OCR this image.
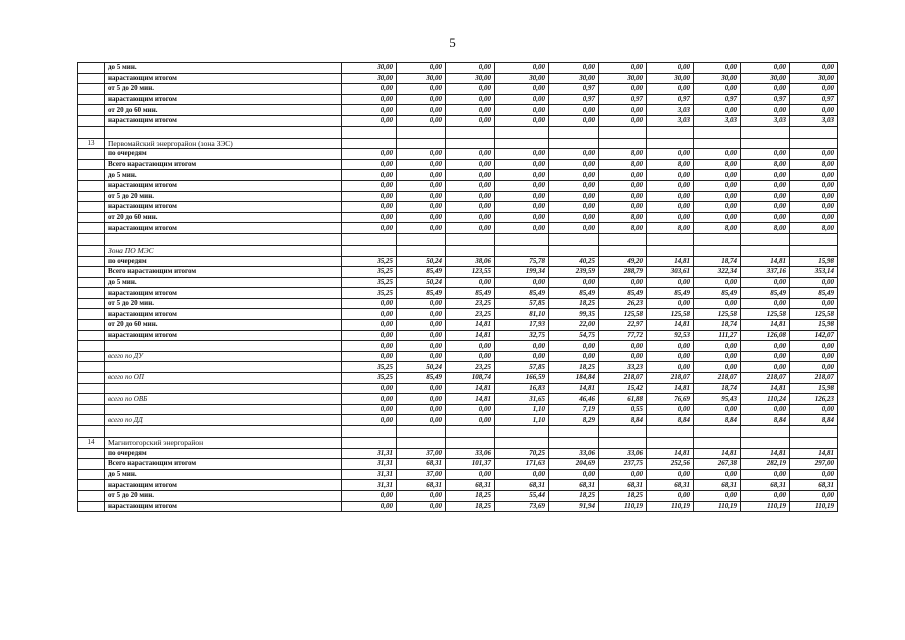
5
	до 5 мин.	30,00	0,00	0,00	0,00	0,00	0,00	0,00	0,00	0,00	0,00
	нарастающим итогом	30,00	30,00	30,00	30,00	30,00	30,00	30,00	30,00	30,00	30,00
	от 5 до 20 мин.	0,00	0,00	0,00	0,00	0,97	0,00	0,00	0,00	0,00	0,00
	нарастающим итогом	0,00	0,00	0,00	0,00	0,97	0,97	0,97	0,97	0,97	0,97
	от 20 до 60 мин.	0,00	0,00	0,00	0,00	0,00	0,00	3,03	0,00	0,00	0,00
	нарастающим итогом	0,00	0,00	0,00	0,00	0,00	0,00	3,03	3,03	3,03	3,03

13	Первомайский энергорайон (зона ЗЭС)										
	по очередям	0,00	0,00	0,00	0,00	0,00	8,00	0,00	0,00	0,00	0,00
	Всего нарастающим итогом	0,00	0,00	0,00	0,00	0,00	8,00	8,00	8,00	8,00	8,00
	до 5 мин.	0,00	0,00	0,00	0,00	0,00	0,00	0,00	0,00	0,00	0,00
	нарастающим итогом	0,00	0,00	0,00	0,00	0,00	0,00	0,00	0,00	0,00	0,00
	от 5 до 20 мин.	0,00	0,00	0,00	0,00	0,00	0,00	0,00	0,00	0,00	0,00
	нарастающим итогом	0,00	0,00	0,00	0,00	0,00	0,00	0,00	0,00	0,00	0,00
	от 20 до 60 мин.	0,00	0,00	0,00	0,00	0,00	8,00	0,00	0,00	0,00	0,00
	нарастающим итогом	0,00	0,00	0,00	0,00	0,00	8,00	8,00	8,00	8,00	8,00

	Зона ПО МЭС										
	по очередям	35,25	50,24	38,06	75,78	40,25	49,20	14,81	18,74	14,81	15,98
	Всего нарастающим итогом	35,25	85,49	123,55	199,34	239,59	288,79	303,61	322,34	337,16	353,14
	до 5 мин.	35,25	50,24	0,00	0,00	0,00	0,00	0,00	0,00	0,00	0,00
	нарастающим итогом	35,25	85,49	85,49	85,49	85,49	85,49	85,49	85,49	85,49	85,49
	от 5 до 20 мин.	0,00	0,00	23,25	57,85	18,25	26,23	0,00	0,00	0,00	0,00
	нарастающим итогом	0,00	0,00	23,25	81,10	99,35	125,58	125,58	125,58	125,58	125,58
	от 20 до 60 мин.	0,00	0,00	14,81	17,93	22,00	22,97	14,81	18,74	14,81	15,98
	нарастающим итогом	0,00	0,00	14,81	32,75	54,75	77,72	92,53	111,27	126,08	142,07
		0,00	0,00	0,00	0,00	0,00	0,00	0,00	0,00	0,00	0,00
	всего по ДУ	0,00	0,00	0,00	0,00	0,00	0,00	0,00	0,00	0,00	0,00
		35,25	50,24	23,25	57,85	18,25	33,23	0,00	0,00	0,00	0,00
	всего по ОП	35,25	85,49	108,74	166,59	184,84	218,07	218,07	218,07	218,07	218,07
		0,00	0,00	14,81	16,83	14,81	15,42	14,81	18,74	14,81	15,98
	всего по ОВБ	0,00	0,00	14,81	31,65	46,46	61,88	76,69	95,43	110,24	126,23
		0,00	0,00	0,00	1,10	7,19	0,55	0,00	0,00	0,00	0,00
	всего по ДД	0,00	0,00	0,00	1,10	8,29	8,84	8,84	8,84	8,84	8,84

14	Магнитогорский энергорайон										
	по очередям	31,31	37,00	33,06	70,25	33,06	33,06	14,81	14,81	14,81	14,81
	Всего нарастающим итогом	31,31	68,31	101,37	171,63	204,69	237,75	252,56	267,38	282,19	297,00
	до 5 мин.	31,31	37,00	0,00	0,00	0,00	0,00	0,00	0,00	0,00	0,00
	нарастающим итогом	31,31	68,31	68,31	68,31	68,31	68,31	68,31	68,31	68,31	68,31
	от 5 до 20 мин.	0,00	0,00	18,25	55,44	18,25	18,25	0,00	0,00	0,00	0,00
	нарастающим итогом	0,00	0,00	18,25	73,69	91,94	110,19	110,19	110,19	110,19	110,19
